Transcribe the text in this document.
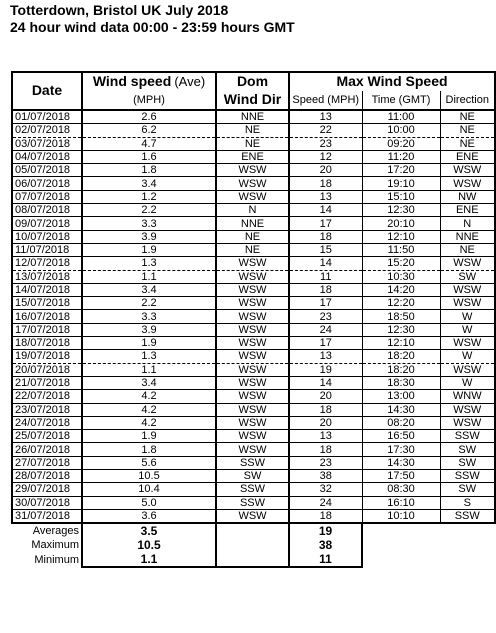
Totterdown, Bristol UK July 2018
24 hour wind data 00:00 - 23:59 hours GMT
Date	Wind speed (Ave)	Dom	Max Wind Speed		
	(MPH)	Wind Dir	Speed (MPH)	Time (GMT)	Direction
01/07/2018	2.6	NNE	13	11:00	NE
02/07/2018	6.2	NE	22	10:00	NE
03/07/2018	4.7	NE	23	09:20	NE
04/07/2018	1.6	ENE	12	11:20	ENE
05/07/2018	1.8	WSW	20	17:20	WSW
06/07/2018	3.4	WSW	18	19:10	WSW
07/07/2018	1.2	WSW	13	15:10	NW
08/07/2018	2.2	N	14	12:30	ENE
09/07/2018	3.3	NNE	17	20:10	N
10/07/2018	3.9	NE	18	12:10	NNE
11/07/2018	1.9	NE	15	11:50	NE
12/07/2018	1.3	WSW	14	15:20	WSW
13/07/2018	1.1	WSW	11	10:30	SW
14/07/2018	3.4	WSW	18	14:20	WSW
15/07/2018	2.2	WSW	17	12:20	WSW
16/07/2018	3.3	WSW	23	18:50	W
17/07/2018	3.9	WSW	24	12:30	W
18/07/2018	1.9	WSW	17	12:10	WSW
19/07/2018	1.3	WSW	13	18:20	W
20/07/2018	1.1	WSW	19	18:20	WSW
21/07/2018	3.4	WSW	14	18:30	W
22/07/2018	4.2	WSW	20	13:00	WNW
23/07/2018	4.2	WSW	18	14:30	WSW
24/07/2018	4.2	WSW	20	08:20	WSW
25/07/2018	1.9	WSW	13	16:50	SSW
26/07/2018	1.8	WSW	18	17:30	SW
27/07/2018	5.6	SSW	23	14:30	SW
28/07/2018	10.5	SW	38	17:50	SSW
29/07/2018	10.4	SSW	32	08:30	SW
30/07/2018	5.0	SSW	24	16:10	S
31/07/2018	3.6	WSW	18	10:10	SSW
Averages	3.5		19		
Maximum	10.5		38		
Minimum	1.1		11		
